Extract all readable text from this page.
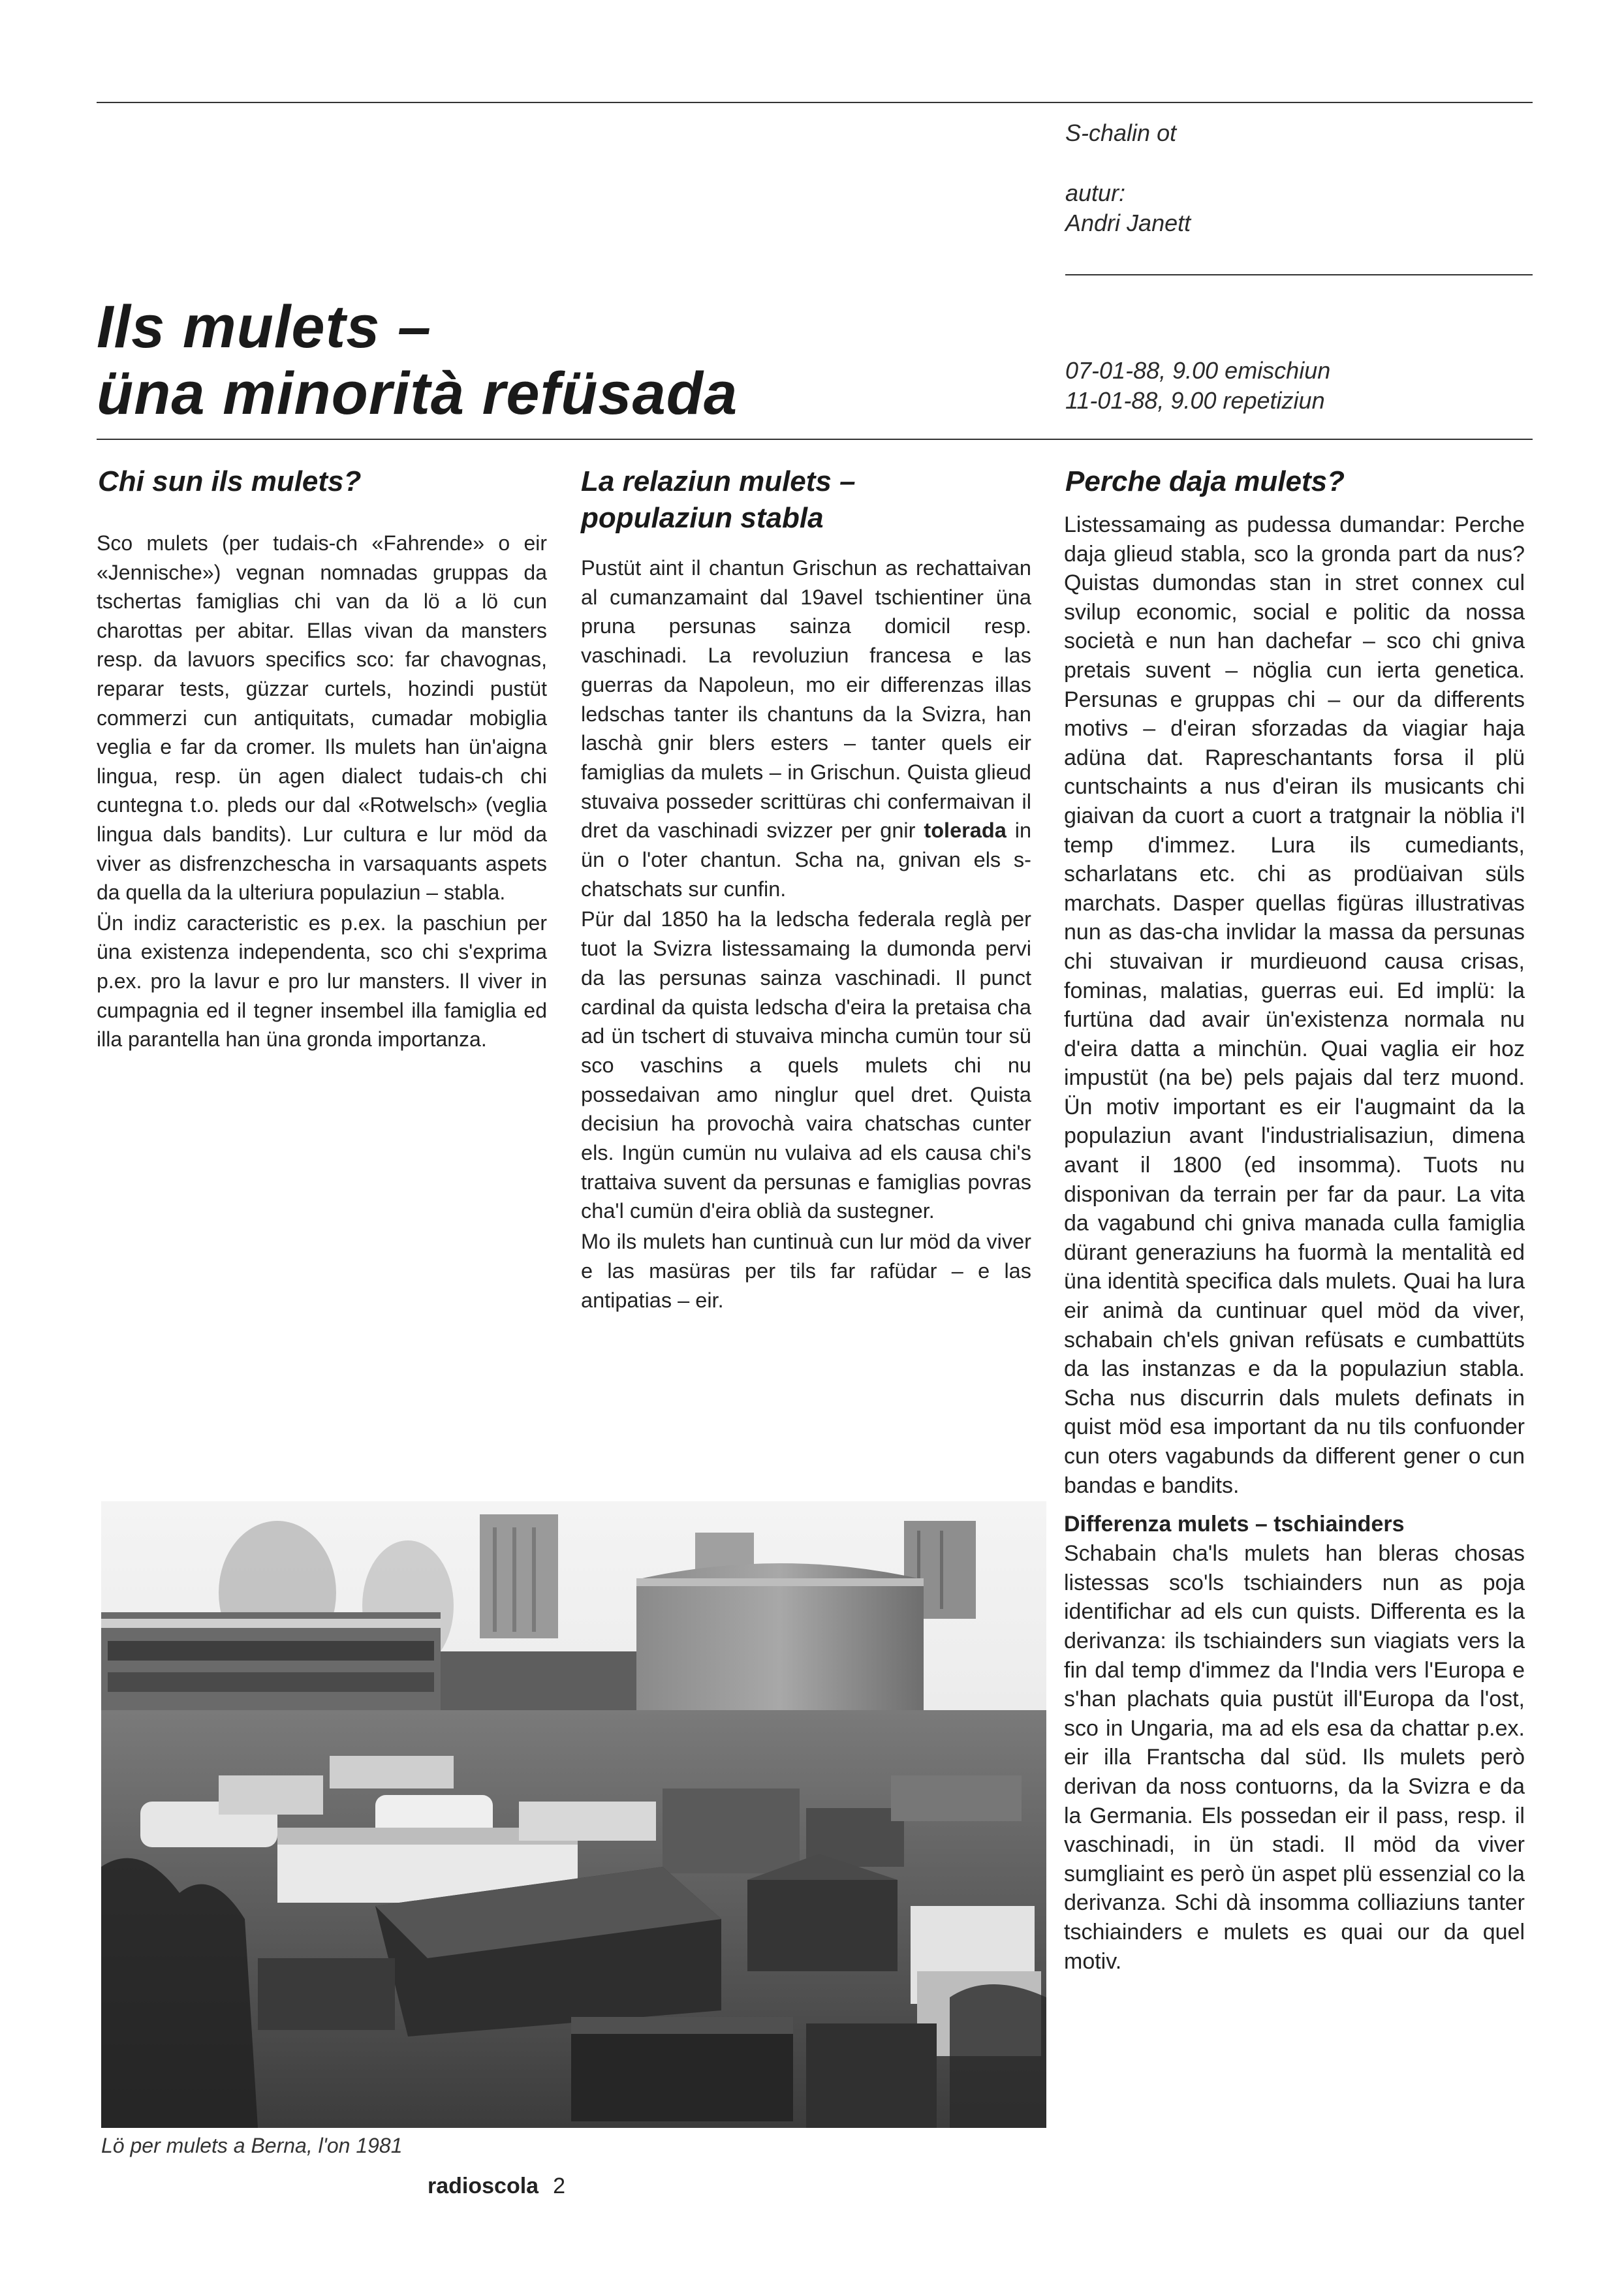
S-chalin ot
autur:
Andri Janett
07-01-88, 9.00 emischiun
11-01-88, 9.00 repetiziun
Ils mulets –
üna minorità refüsada
Chi sun ils mulets?

Sco mulets (per tudais-ch «Fahrende» o eir «Jennische») vegnan nomnadas gruppas da tschertas famiglias chi van da lö a lö cun charottas per abitar. Ellas vivan da mansters resp. da lavuors specifics sco: far chavognas, reparar tests, güzzar curtels, hozindi pustüt commerzi cun antiquitats, cumadar mobiglia veglia e far da cromer. Ils mulets han ün'aigna lingua, resp. ün agen dialect tudais-ch chi cuntegna t.o. pleds our dal «Rotwelsch» (veglia lingua dals bandits). Lur cultura e lur möd da viver as disfrenzchescha in varsaquants aspets da quella da la ulteriura populaziun – stabla.

Ün indiz caracteristic es p.ex. la paschiun per üna existenza independenta, sco chi s'exprima p.ex. pro la lavur e pro lur mansters. Il viver in cumpagnia ed il tegner insembel illa famiglia ed illa parantella han üna gronda importanza.

La relaziun mulets –
populaziun stabla

Pustüt aint il chantun Grischun as rechattaivan al cumanzamaint dal 19avel tschientiner üna pruna persunas sainza domicil resp. vaschinadi. La revoluziun francesa e las guerras da Napoleun, mo eir differenzas illas ledschas tanter ils chantuns da la Svizra, han laschà gnir blers esters – tanter quels eir famiglias da mulets – in Grischun. Quista glieud stuvaiva posseder scrittüras chi confermaivan il dret da vaschinadi svizzer per gnir tolerada in ün o l'oter chantun. Scha na, gnivan els s-chatschats sur cunfin.

Pür dal 1850 ha la ledscha federala reglà per tuot la Svizra listessamaing la dumonda pervi da las persunas sainza vaschinadi. Il punct cardinal da quista ledscha d'eira la pretaisa cha ad ün tschert di stuvaiva mincha cumün tour sü sco vaschins a quels mulets chi nu possedaivan amo ninglur quel dret. Quista decisiun ha provochà vaira chatschas cunter els. Ingün cumün nu vulaiva ad els causa chi's trattaiva suvent da persunas e famiglias povras cha'l cumün d'eira oblià da sustegner.

Mo ils mulets han cuntinuà cun lur möd da viver e las masüras per tils far rafüdar – e las antipatias – eir.

Perche daja mulets?

Listessamaing as pudessa dumandar: Perche daja glieud stabla, sco la gronda part da nus? Quistas dumondas stan in stret connex cul svilup economic, social e politic da nossa società e nun han dachefar – sco chi gniva pretais suvent – nöglia cun ierta genetica. Persunas e gruppas chi – our da differents motivs – d'eiran sforzadas da viagiar haja adüna dat. Rapreschantants forsa il plü cuntschaints a nus d'eiran ils musicants chi giaivan da cuort a cuort a tratgnair la nöblia i'l temp d'immez. Lura ils cumediants, scharlatans etc. chi as prodüaivan süls marchats. Dasper quellas figüras illustrativas nun as das-cha invlidar la massa da persunas chi stuvaivan ir murdieuond causa crisas, fominas, malatias, guerras eui. Ed implü: la furtüna dad avair ün'existenza normala nu d'eira datta a minchün. Quai vaglia eir hoz impustüt (na be) pels pajais dal terz muond. Ün motiv important es eir l'augmaint da la populaziun avant l'industrialisaziun, dimena avant il 1800 (ed insomma). Tuots nu disponivan da terrain per far da paur. La vita da vagabund chi gniva manada culla famiglia dürant generaziuns ha fuormà la mentalità ed üna identità specifica dals mulets. Quai ha lura eir animà da cuntinuar quel möd da viver, schabain ch'els gnivan refüsats e cumbattüts da las instanzas e da la populaziun stabla. Scha nus discurrin dals mulets definats in quist möd esa important da nu tils confuonder cun oters vagabunds da different gener o cun bandas e bandits.

Differenza mulets – tschiainders

Schabain cha'ls mulets han bleras chosas listessas sco'ls tschiainders nun as poja identifichar ad els cun quists. Differenta es la derivanza: ils tschiainders sun viagiats vers la fin dal temp d'immez da l'India vers l'Europa e s'han plachats quia pustüt ill'Europa da l'ost, sco in Ungaria, ma ad els esa da chattar p.ex. eir illa Frantscha dal süd. Ils mulets però derivan da noss contuorns, da la Svizra e da la Germania. Els possedan eir il pass, resp. il vaschinadi, in ün stadi. Il möd da viver sumgliaint es però ün aspet plü essenzial co la derivanza. Schi dà insomma colliaziuns tanter tschiainders e mulets es quai our da quel motiv.

Lö per mulets a Berna, l'on 1981
radioscola 2
